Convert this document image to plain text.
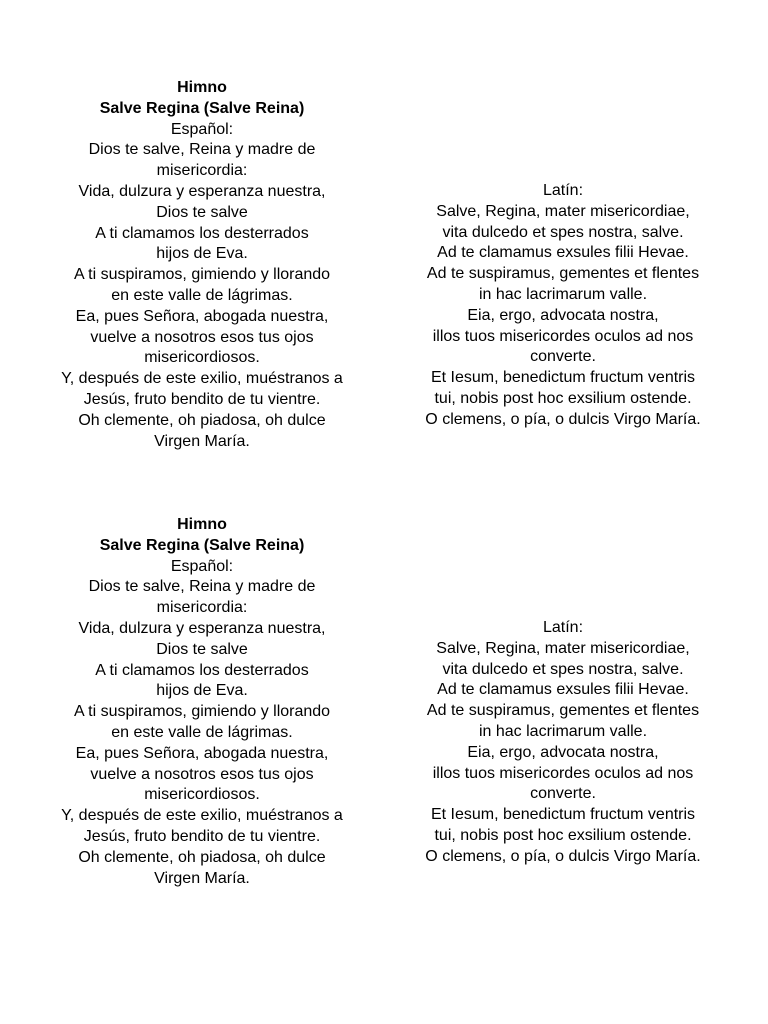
Himno
Salve Regina (Salve Reina)
Español:
Dios te salve, Reina y madre de
misericordia:
Vida, dulzura y esperanza nuestra,
Dios te salve
A ti clamamos los desterrados
hijos de Eva.
A ti suspiramos, gimiendo y llorando
en este valle de lágrimas.
Ea, pues Señora, abogada nuestra,
vuelve a nosotros esos tus ojos
misericordiosos.
Y, después de este exilio, muéstranos a
Jesús, fruto bendito de tu vientre.
Oh clemente, oh piadosa, oh dulce
Virgen María.
Latín:
Salve, Regina, mater misericordiae,
vita dulcedo et spes nostra, salve.
Ad te clamamus exsules filii Hevae.
Ad te suspiramus, gementes et flentes
in hac lacrimarum valle.
Eia, ergo, advocata nostra,
illos tuos misericordes oculos ad nos
converte.
Et Iesum, benedictum fructum ventris
tui, nobis post hoc exsilium ostende.
O clemens, o pía, o dulcis Virgo María.
Himno
Salve Regina (Salve Reina)
Español:
Dios te salve, Reina y madre de
misericordia:
Vida, dulzura y esperanza nuestra,
Dios te salve
A ti clamamos los desterrados
hijos de Eva.
A ti suspiramos, gimiendo y llorando
en este valle de lágrimas.
Ea, pues Señora, abogada nuestra,
vuelve a nosotros esos tus ojos
misericordiosos.
Y, después de este exilio, muéstranos a
Jesús, fruto bendito de tu vientre.
Oh clemente, oh piadosa, oh dulce
Virgen María.
Latín:
Salve, Regina, mater misericordiae,
vita dulcedo et spes nostra, salve.
Ad te clamamus exsules filii Hevae.
Ad te suspiramus, gementes et flentes
in hac lacrimarum valle.
Eia, ergo, advocata nostra,
illos tuos misericordes oculos ad nos
converte.
Et Iesum, benedictum fructum ventris
tui, nobis post hoc exsilium ostende.
O clemens, o pía, o dulcis Virgo María.
